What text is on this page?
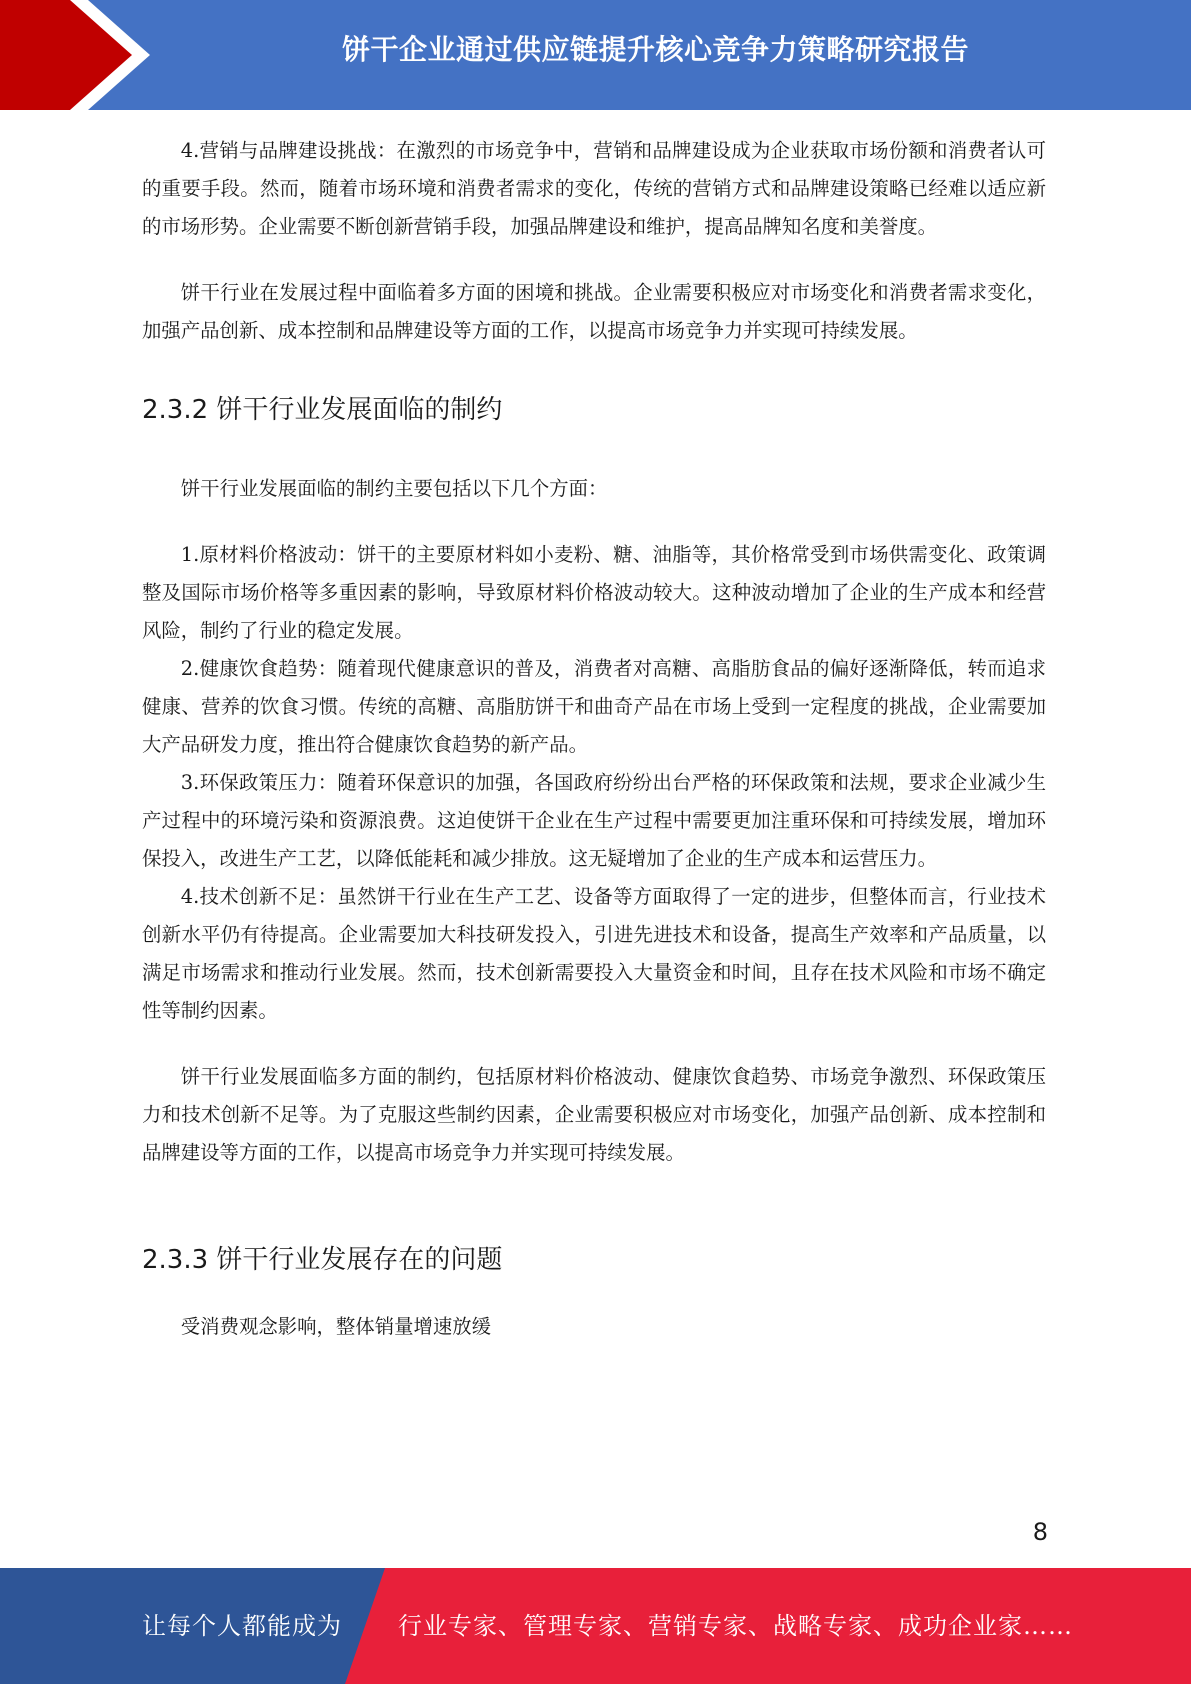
饼干企业通过供应链提升核心竞争力策略研究报告

4.营销与品牌建设挑战：在激烈的市场竞争中，营销和品牌建设成为企业获取市场份额和消费者认可的重要手段。然而，随着市场环境和消费者需求的变化，传统的营销方式和品牌建设策略已经难以适应新的市场形势。企业需要不断创新营销手段，加强品牌建设和维护，提高品牌知名度和美誉度。

饼干行业在发展过程中面临着多方面的困境和挑战。企业需要积极应对市场变化和消费者需求变化，加强产品创新、成本控制和品牌建设等方面的工作，以提高市场竞争力并实现可持续发展。

2.3.2 饼干行业发展面临的制约

饼干行业发展面临的制约主要包括以下几个方面：

1.原材料价格波动：饼干的主要原材料如小麦粉、糖、油脂等，其价格常受到市场供需变化、政策调整及国际市场价格等多重因素的影响，导致原材料价格波动较大。这种波动增加了企业的生产成本和经营风险，制约了行业的稳定发展。

2.健康饮食趋势：随着现代健康意识的普及，消费者对高糖、高脂肪食品的偏好逐渐降低，转而追求健康、营养的饮食习惯。传统的高糖、高脂肪饼干和曲奇产品在市场上受到一定程度的挑战，企业需要加大产品研发力度，推出符合健康饮食趋势的新产品。

3.环保政策压力：随着环保意识的加强，各国政府纷纷出台严格的环保政策和法规，要求企业减少生产过程中的环境污染和资源浪费。这迫使饼干企业在生产过程中需要更加注重环保和可持续发展，增加环保投入，改进生产工艺，以降低能耗和减少排放。这无疑增加了企业的生产成本和运营压力。

4.技术创新不足：虽然饼干行业在生产工艺、设备等方面取得了一定的进步，但整体而言，行业技术创新水平仍有待提高。企业需要加大科技研发投入，引进先进技术和设备，提高生产效率和产品质量，以满足市场需求和推动行业发展。然而，技术创新需要投入大量资金和时间，且存在技术风险和市场不确定性等制约因素。

饼干行业发展面临多方面的制约，包括原材料价格波动、健康饮食趋势、市场竞争激烈、环保政策压力和技术创新不足等。为了克服这些制约因素，企业需要积极应对市场变化，加强产品创新、成本控制和品牌建设等方面的工作，以提高市场竞争力并实现可持续发展。

2.3.3 饼干行业发展存在的问题

受消费观念影响，整体销量增速放缓

8
让每个人都能成为 行业专家、管理专家、营销专家、战略专家、成功企业家……
